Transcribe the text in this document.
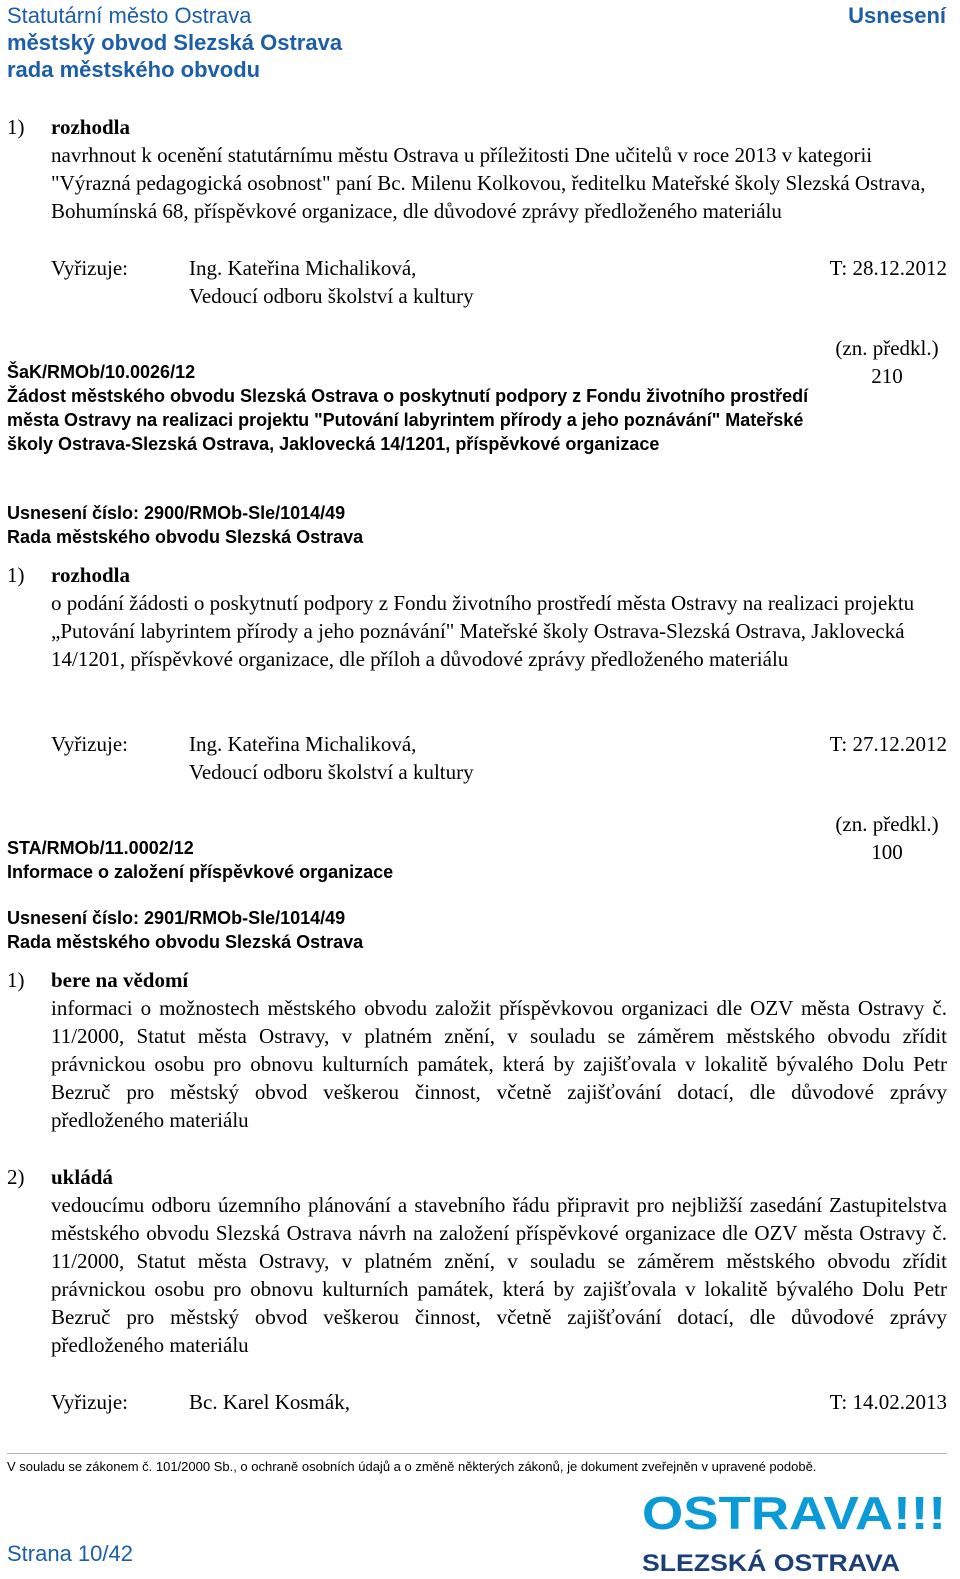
Statutární město Ostrava
městský obvod Slezská Ostrava
rada městského obvodu
Usnesení
1) rozhodla
navrhnout k ocenění statutárnímu městu Ostrava u příležitosti Dne učitelů v roce 2013 v kategorii "Výrazná pedagogická osobnost" paní Bc. Milenu Kolkovou, ředitelku Mateřské školy Slezská Ostrava, Bohumínská 68, příspěvkové organizace, dle důvodové zprávy předloženého materiálu
Vyřizuje:	Ing. Kateřina Michaliková,
Vedoucí odboru školství a kultury
T: 28.12.2012
(zn. předkl.)
210
ŠaK/RMOb/10.0026/12
Žádost městského obvodu Slezská Ostrava o poskytnutí podpory z Fondu životního prostředí města Ostravy na realizaci projektu "Putování labyrintem přírody a jeho poznávání" Mateřské školy Ostrava-Slezská Ostrava, Jaklovecká 14/1201, příspěvkové organizace
Usnesení číslo: 2900/RMOb-Sle/1014/49
Rada městského obvodu Slezská Ostrava
1) rozhodla
o podání žádosti o poskytnutí podpory z Fondu životního prostředí města Ostravy na realizaci projektu „Putování labyrintem přírody a jeho poznávání" Mateřské školy Ostrava-Slezská Ostrava, Jaklovecká 14/1201, příspěvkové organizace, dle příloh a důvodové zprávy předloženého materiálu
Vyřizuje:	Ing. Kateřina Michaliková,
Vedoucí odboru školství a kultury
T: 27.12.2012
(zn. předkl.)
100
STA/RMOb/11.0002/12
Informace o založení příspěvkové organizace
Usnesení číslo: 2901/RMOb-Sle/1014/49
Rada městského obvodu Slezská Ostrava
1) bere na vědomí
informaci o možnostech městského obvodu založit příspěvkovou organizaci dle OZV města Ostravy č. 11/2000, Statut města Ostravy, v platném znění, v souladu se záměrem městského obvodu zřídit právnickou osobu pro obnovu kulturních památek, která by zajišťovala v lokalitě bývalého Dolu Petr Bezruč pro městský obvod veškerou činnost, včetně zajišťování dotací, dle důvodové zprávy předloženého materiálu
2) ukládá
vedoucímu odboru územního plánování a stavebního řádu připravit pro nejbližší zasedání Zastupitelstva městského obvodu Slezská Ostrava návrh na založení příspěvkové organizace dle OZV města Ostravy č. 11/2000, Statut města Ostravy, v platném znění, v souladu se záměrem městského obvodu zřídit právnickou osobu pro obnovu kulturních památek, která by zajišťovala v lokalitě bývalého Dolu Petr Bezruč pro městský obvod veškerou činnost, včetně zajišťování dotací, dle důvodové zprávy předloženého materiálu
Vyřizuje:	Bc. Karel Kosmák,	T: 14.02.2013
V souladu se zákonem č. 101/2000 Sb., o ochraně osobních údajů a o změně některých zákonů, je dokument zveřejněn v upravené podobě.
Strana 10/42
OSTRAVA!!!
SLEZSKÁ OSTRAVA
